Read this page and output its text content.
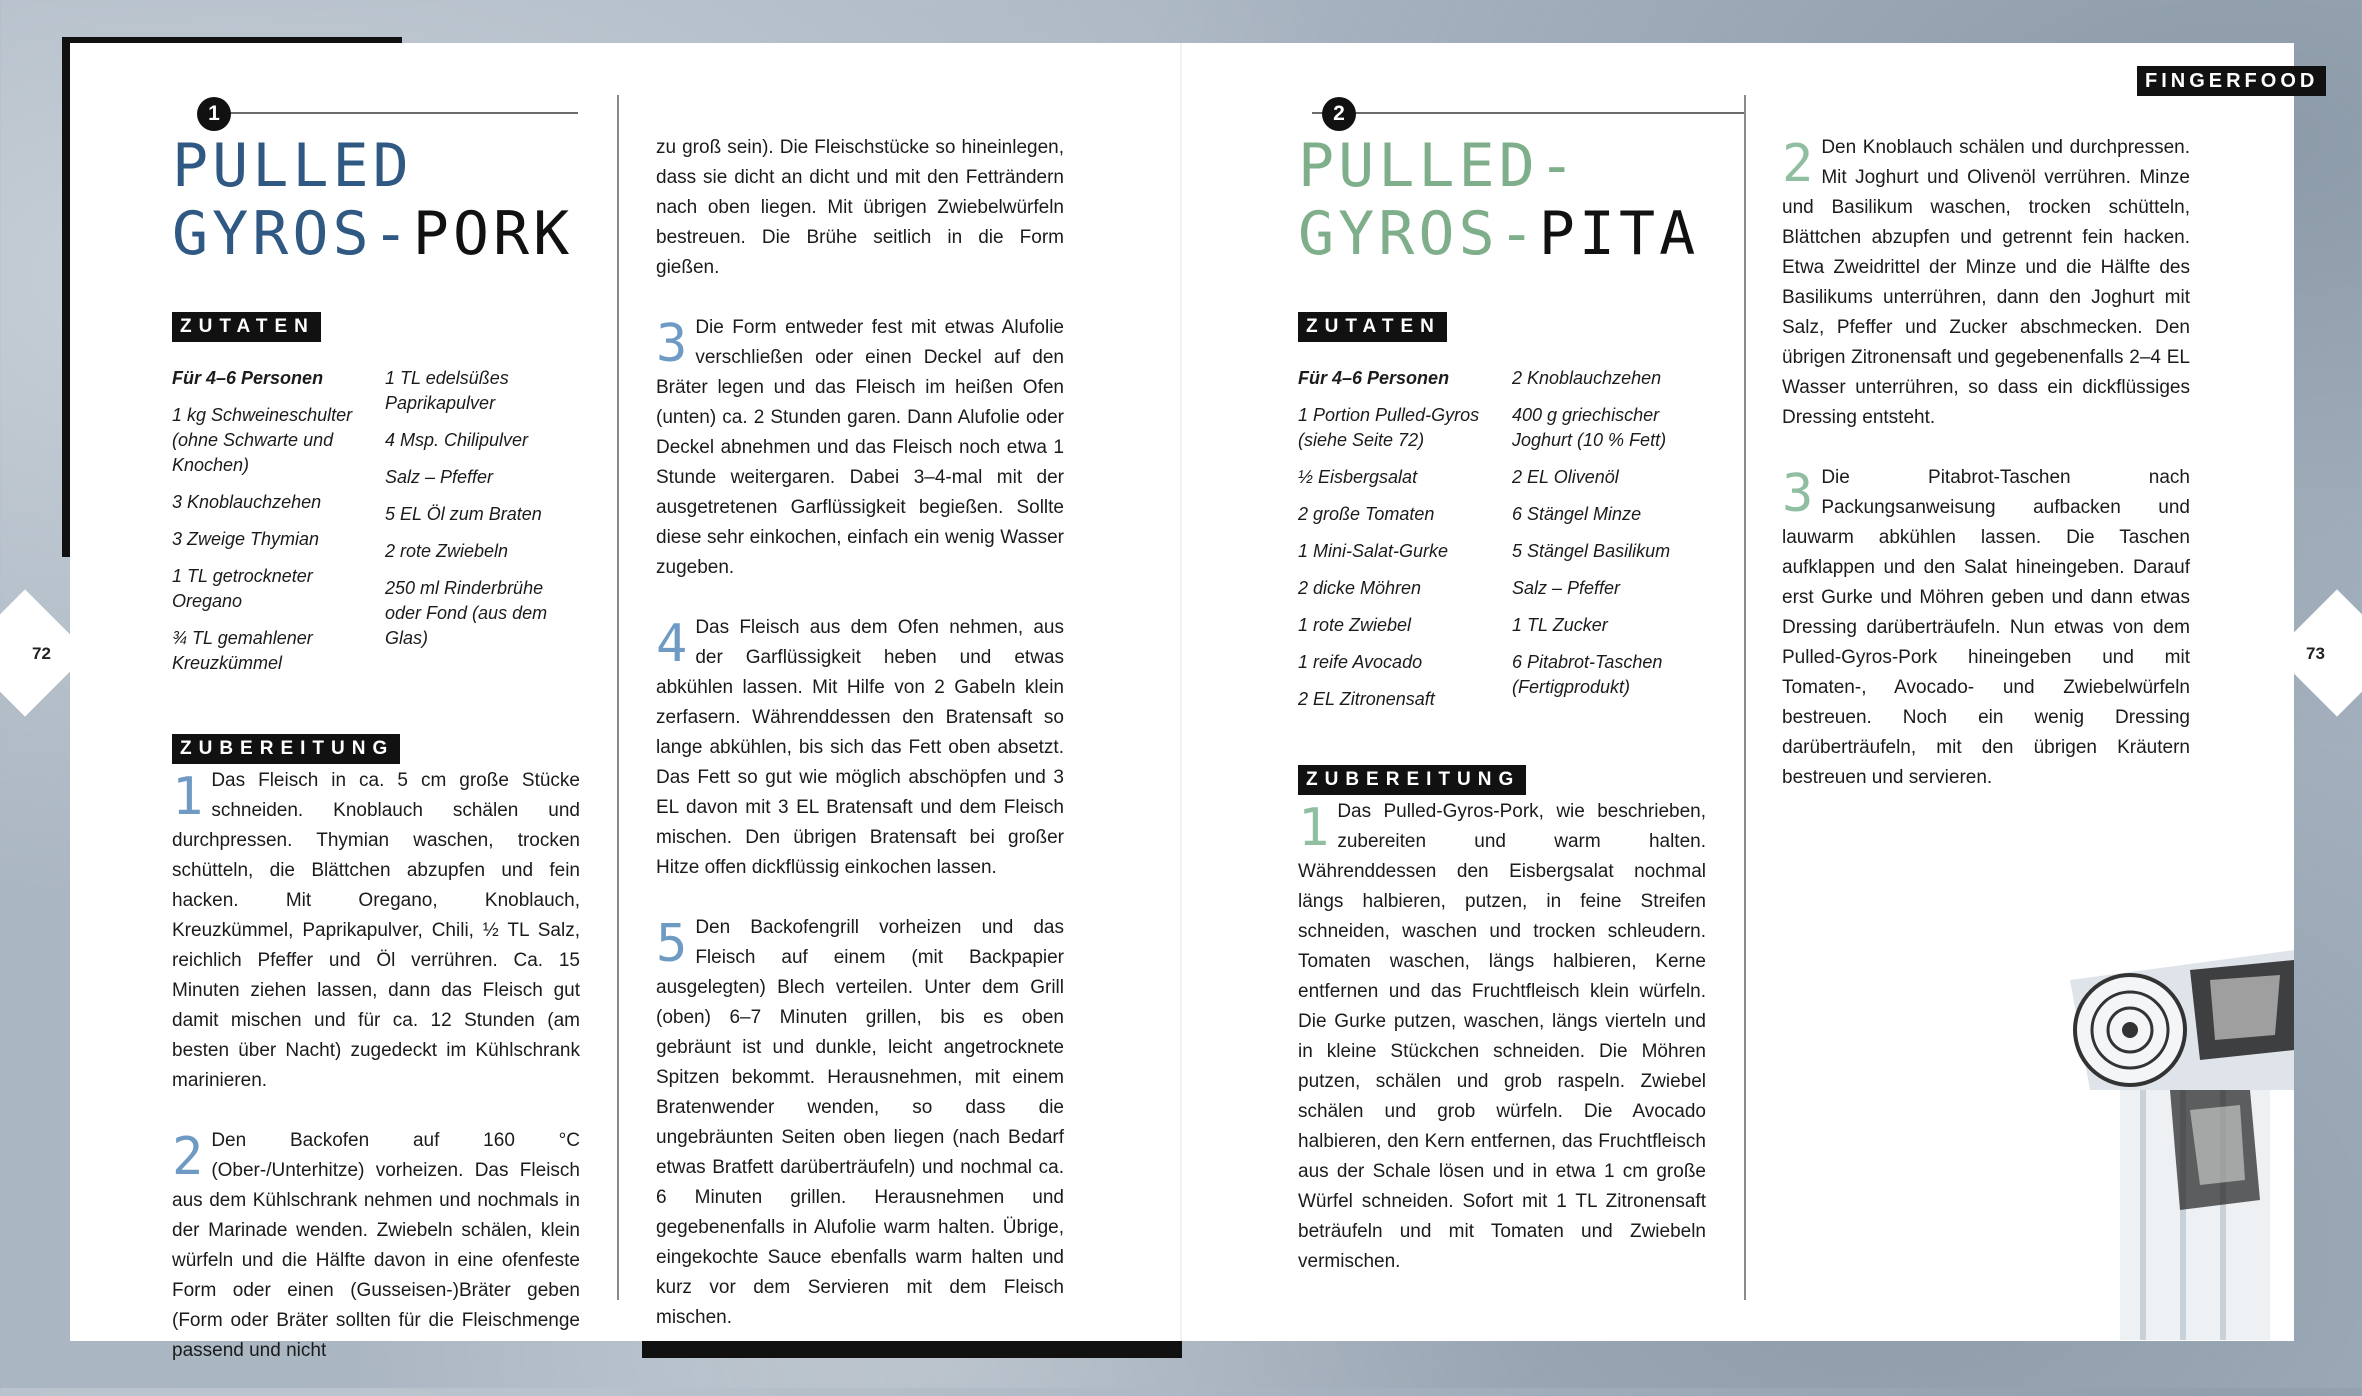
72	73
FINGERFOOD
1
PULLED
GYROS-PORK
ZUTATEN
Für 4–6 Personen
1 kg Schweineschulter (ohne Schwarte und Knochen)
3 Knoblauchzehen
3 Zweige Thymian
1 TL getrockneter Oregano
¾ TL gemahlener Kreuzkümmel
1 TL edelsüßes Paprikapulver
4 Msp. Chilipulver
Salz – Pfeffer
5 EL Öl zum Braten
2 rote Zwiebeln
250 ml Rinderbrühe oder Fond (aus dem Glas)
ZUBEREITUNG
1 Das Fleisch in ca. 5 cm große Stücke schneiden. Knoblauch schälen und durchpressen. Thymian waschen, trocken schütteln, die Blättchen abzupfen und fein hacken. Mit Oregano, Knoblauch, Kreuzkümmel, Paprikapulver, Chili, ½ TL Salz, reichlich Pfeffer und Öl verrühren. Ca. 15 Minuten ziehen lassen, dann das Fleisch gut damit mischen und für ca. 12 Stunden (am besten über Nacht) zugedeckt im Kühlschrank marinieren.

2 Den Backofen auf 160 °C (Ober-/Unterhitze) vorheizen. Das Fleisch aus dem Kühlschrank nehmen und nochmals in der Marinade wenden. Zwiebeln schälen, klein würfeln und die Hälfte davon in eine ofenfeste Form oder einen (Gusseisen-)Bräter geben (Form oder Bräter sollten für die Fleischmenge passend und nicht

zu groß sein). Die Fleischstücke so hineinlegen, dass sie dicht an dicht und mit den Fetträndern nach oben liegen. Mit übrigen Zwiebelwürfeln bestreuen. Die Brühe seitlich in die Form gießen.

3 Die Form entweder fest mit etwas Alufolie verschließen oder einen Deckel auf den Bräter legen und das Fleisch im heißen Ofen (unten) ca. 2 Stunden garen. Dann Alufolie oder Deckel abnehmen und das Fleisch noch etwa 1 Stunde weitergaren. Dabei 3–4-mal mit der ausgetretenen Garflüssigkeit begießen. Sollte diese sehr einkochen, einfach ein wenig Wasser zugeben.

4 Das Fleisch aus dem Ofen nehmen, aus der Garflüssigkeit heben und etwas abkühlen lassen. Mit Hilfe von 2 Gabeln klein zerfasern. Währenddessen den Bratensaft so lange abkühlen, bis sich das Fett oben absetzt. Das Fett so gut wie möglich abschöpfen und 3 EL davon mit 3 EL Bratensaft und dem Fleisch mischen. Den übrigen Bratensaft bei großer Hitze offen dickflüssig einkochen lassen.

5 Den Backofengrill vorheizen und das Fleisch auf einem (mit Backpapier ausgelegten) Blech verteilen. Unter dem Grill (oben) 6–7 Minuten grillen, bis es oben gebräunt ist und dunkle, leicht angetrocknete Spitzen bekommt. Herausnehmen, mit einem Bratenwender wenden, so dass die ungebräunten Seiten oben liegen (nach Bedarf etwas Bratfett darüberträufeln) und nochmal ca. 6 Minuten grillen. Herausnehmen und gegebenenfalls in Alufolie warm halten. Übrige, eingekochte Sauce ebenfalls warm halten und kurz vor dem Servieren mit dem Fleisch mischen.

2
PULLED-
GYROS-PITA
ZUTATEN
Für 4–6 Personen
1 Portion Pulled-Gyros (siehe Seite 72)
½ Eisbergsalat
2 große Tomaten
1 Mini-Salat-Gurke
2 dicke Möhren
1 rote Zwiebel
1 reife Avocado
2 EL Zitronensaft
2 Knoblauchzehen
400 g griechischer Joghurt (10 % Fett)
2 EL Olivenöl
6 Stängel Minze
5 Stängel Basilikum
Salz – Pfeffer
1 TL Zucker
6 Pitabrot-Taschen (Fertigprodukt)
ZUBEREITUNG
1 Das Pulled-Gyros-Pork, wie beschrieben, zubereiten und warm halten. Währenddessen den Eisbergsalat nochmal längs halbieren, putzen, in feine Streifen schneiden, waschen und trocken schleudern. Tomaten waschen, längs halbieren, Kerne entfernen und das Fruchtfleisch klein würfeln. Die Gurke putzen, waschen, längs vierteln und in kleine Stückchen schneiden. Die Möhren putzen, schälen und grob raspeln. Zwiebel schälen und grob würfeln. Die Avocado halbieren, den Kern entfernen, das Fruchtfleisch aus der Schale lösen und in etwa 1 cm große Würfel schneiden. Sofort mit 1 TL Zitronensaft beträufeln und mit Tomaten und Zwiebeln vermischen.

2 Den Knoblauch schälen und durchpressen. Mit Joghurt und Olivenöl verrühren. Minze und Basilikum waschen, trocken schütteln, Blättchen abzupfen und getrennt fein hacken. Etwa Zweidrittel der Minze und die Hälfte des Basilikums unterrühren, dann den Joghurt mit Salz, Pfeffer und Zucker abschmecken. Den übrigen Zitronensaft und gegebenenfalls 2–4 EL Wasser unterrühren, so dass ein dickflüssiges Dressing entsteht.

3 Die Pitabrot-Taschen nach Packungsanweisung aufbacken und lauwarm abkühlen lassen. Die Taschen aufklappen und den Salat hineingeben. Darauf erst Gurke und Möhren geben und dann etwas Dressing darüberträufeln. Nun etwas von dem Pulled-Gyros-Pork hineingeben und mit Tomaten-, Avocado- und Zwiebelwürfeln bestreuen. Noch ein wenig Dressing darüberträufeln, mit den übrigen Kräutern bestreuen und servieren.
